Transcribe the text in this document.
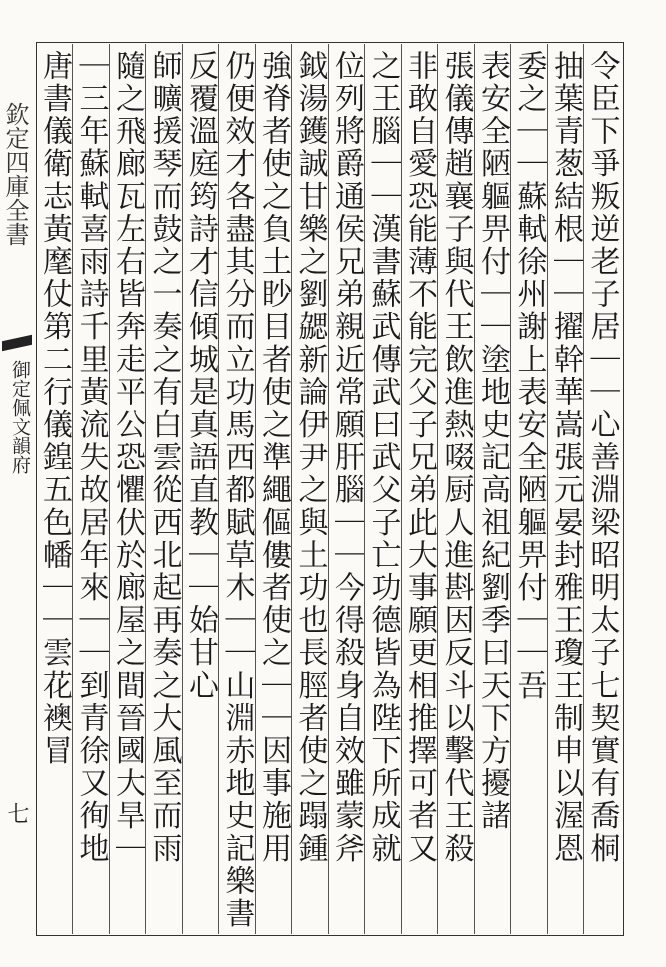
欽定四庫全書
御定佩文韻府
七	令臣下爭叛逆老子居｜｜心善淵梁昭明太子七契實有喬桐
抽葉青葱結根｜｜擢幹華嵩張元晏封雅王瓊王制申以渥恩
委之｜｜蘇軾徐州謝上表安全陋軀畀付｜｜吾
表安全陋軀畀付｜｜塗地史記高祖紀劉季曰天下方擾諸
張儀傳趙襄子與代王飲進熱啜厨人進斟因反斗以擊代王殺
非敢自愛恐能薄不能完父子兄弟此大事願更相推擇可者又
之王腦｜｜漢書蘇武傳武曰武父子亡功德皆為陛下所成就
位列將爵通侯兄弟親近常願肝腦｜｜今得殺身自效雖蒙斧
鉞湯鑊誠甘樂之劉勰新論伊尹之與土功也長脛者使之蹋鍾
強脊者使之負土眇目者使之準繩傴僂者使之｜｜因事施用
仍便效才各盡其分而立功馬西都賦草木｜｜山淵赤地史記樂書
反覆溫庭筠詩才信傾城是真語直教｜｜始甘心
師曠援琴而鼓之一奏之有白雲從西北起再奏之大風至而雨
隨之飛廊瓦左右皆奔走平公恐懼伏於廊屋之間晉國大旱｜
｜三年蘇軾喜雨詩千里黃流失故居年來｜｜到青徐又徇地
唐書儀衛志黃麾仗第二行儀鍠五色幡｜｜雲花襖冒
